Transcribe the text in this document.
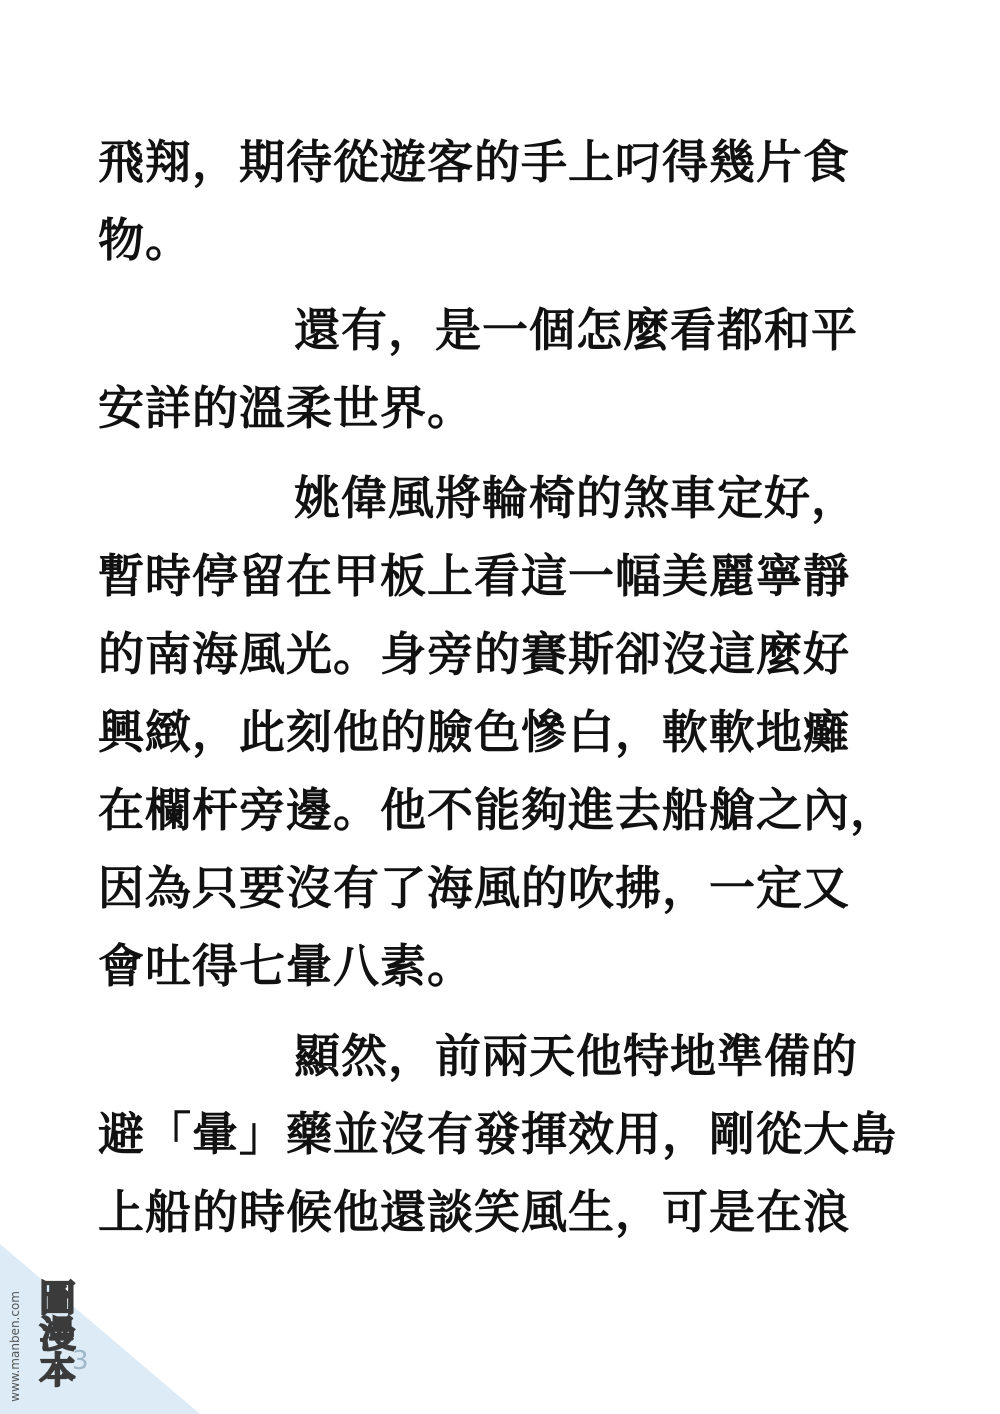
飛翔，期待從遊客的手上叼得幾片食
物。
還有，是一個怎麼看都和平
安詳的溫柔世界。
姚偉風將輪椅的煞車定好，
暫時停留在甲板上看這一幅美麗寧靜
的南海風光。身旁的賽斯卻沒這麼好
興緻，此刻他的臉色慘白，軟軟地癱
在欄杆旁邊。他不能夠進去船艙之內，
因為只要沒有了海風的吹拂，一定又
會吐得七暈八素。
顯然，前兩天他特地準備的
避「暈」藥並沒有發揮效用，剛從大島
上船的時候他還談笑風生，可是在浪
www.manben.com 圖漫本
3
